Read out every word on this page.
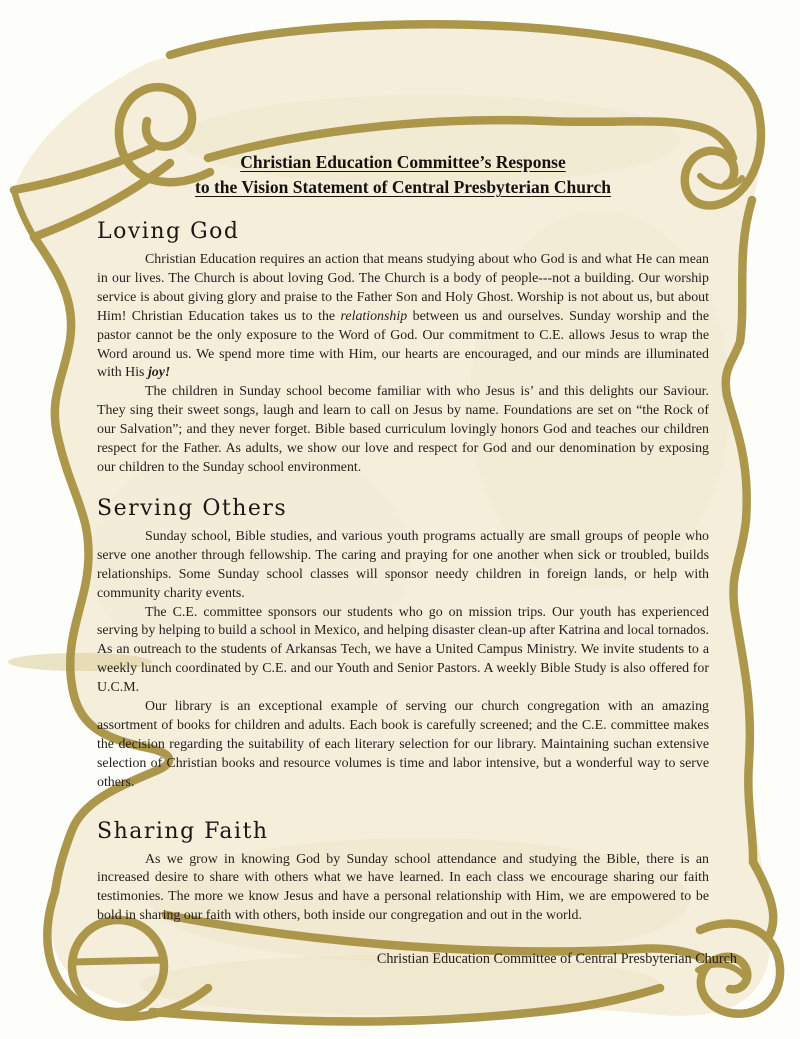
Christian Education Committee’s Response
to the Vision Statement of Central Presbyterian Church
Loving God

Christian Education requires an action that means studying about who God is and what He can mean in our lives. The Church is about loving God. The Church is a body of people---not a building. Our worship service is about giving glory and praise to the Father Son and Holy Ghost. Worship is not about us, but about Him! Christian Education takes us to the relationship between us and ourselves. Sunday worship and the pastor cannot be the only exposure to the Word of God. Our commitment to C.E. allows Jesus to wrap the Word around us. We spend more time with Him, our hearts are encouraged, and our minds are illuminated with His joy!

The children in Sunday school become familiar with who Jesus is’ and this delights our Saviour. They sing their sweet songs, laugh and learn to call on Jesus by name. Foundations are set on “the Rock of our Salvation”; and they never forget. Bible based curriculum lovingly honors God and teaches our children respect for the Father. As adults, we show our love and respect for God and our denomination by exposing our children to the Sunday school environment.

Serving Others

Sunday school, Bible studies, and various youth programs actually are small groups of people who serve one another through fellowship. The caring and praying for one another when sick or troubled, builds relationships. Some Sunday school classes will sponsor needy children in foreign lands, or help with community charity events.

The C.E. committee sponsors our students who go on mission trips. Our youth has experienced serving by helping to build a school in Mexico, and helping disaster clean-up after Katrina and local tornados. As an outreach to the students of Arkansas Tech, we have a United Campus Ministry. We invite students to a weekly lunch coordinated by C.E. and our Youth and Senior Pastors. A weekly Bible Study is also offered for U.C.M.

Our library is an exceptional example of serving our church congregation with an amazing assortment of books for children and adults. Each book is carefully screened; and the C.E. committee makes the decision regarding the suitability of each literary selection for our library. Maintaining suchan extensive selection of Christian books and resource volumes is time and labor intensive, but a wonderful way to serve others.

Sharing Faith

As we grow in knowing God by Sunday school attendance and studying the Bible, there is an increased desire to share with others what we have learned. In each class we encourage sharing our faith testimonies. The more we know Jesus and have a personal relationship with Him, we are empowered to be bold in sharing our faith with others, both inside our congregation and out in the world.

Christian Education Committee of Central Presbyterian Church
